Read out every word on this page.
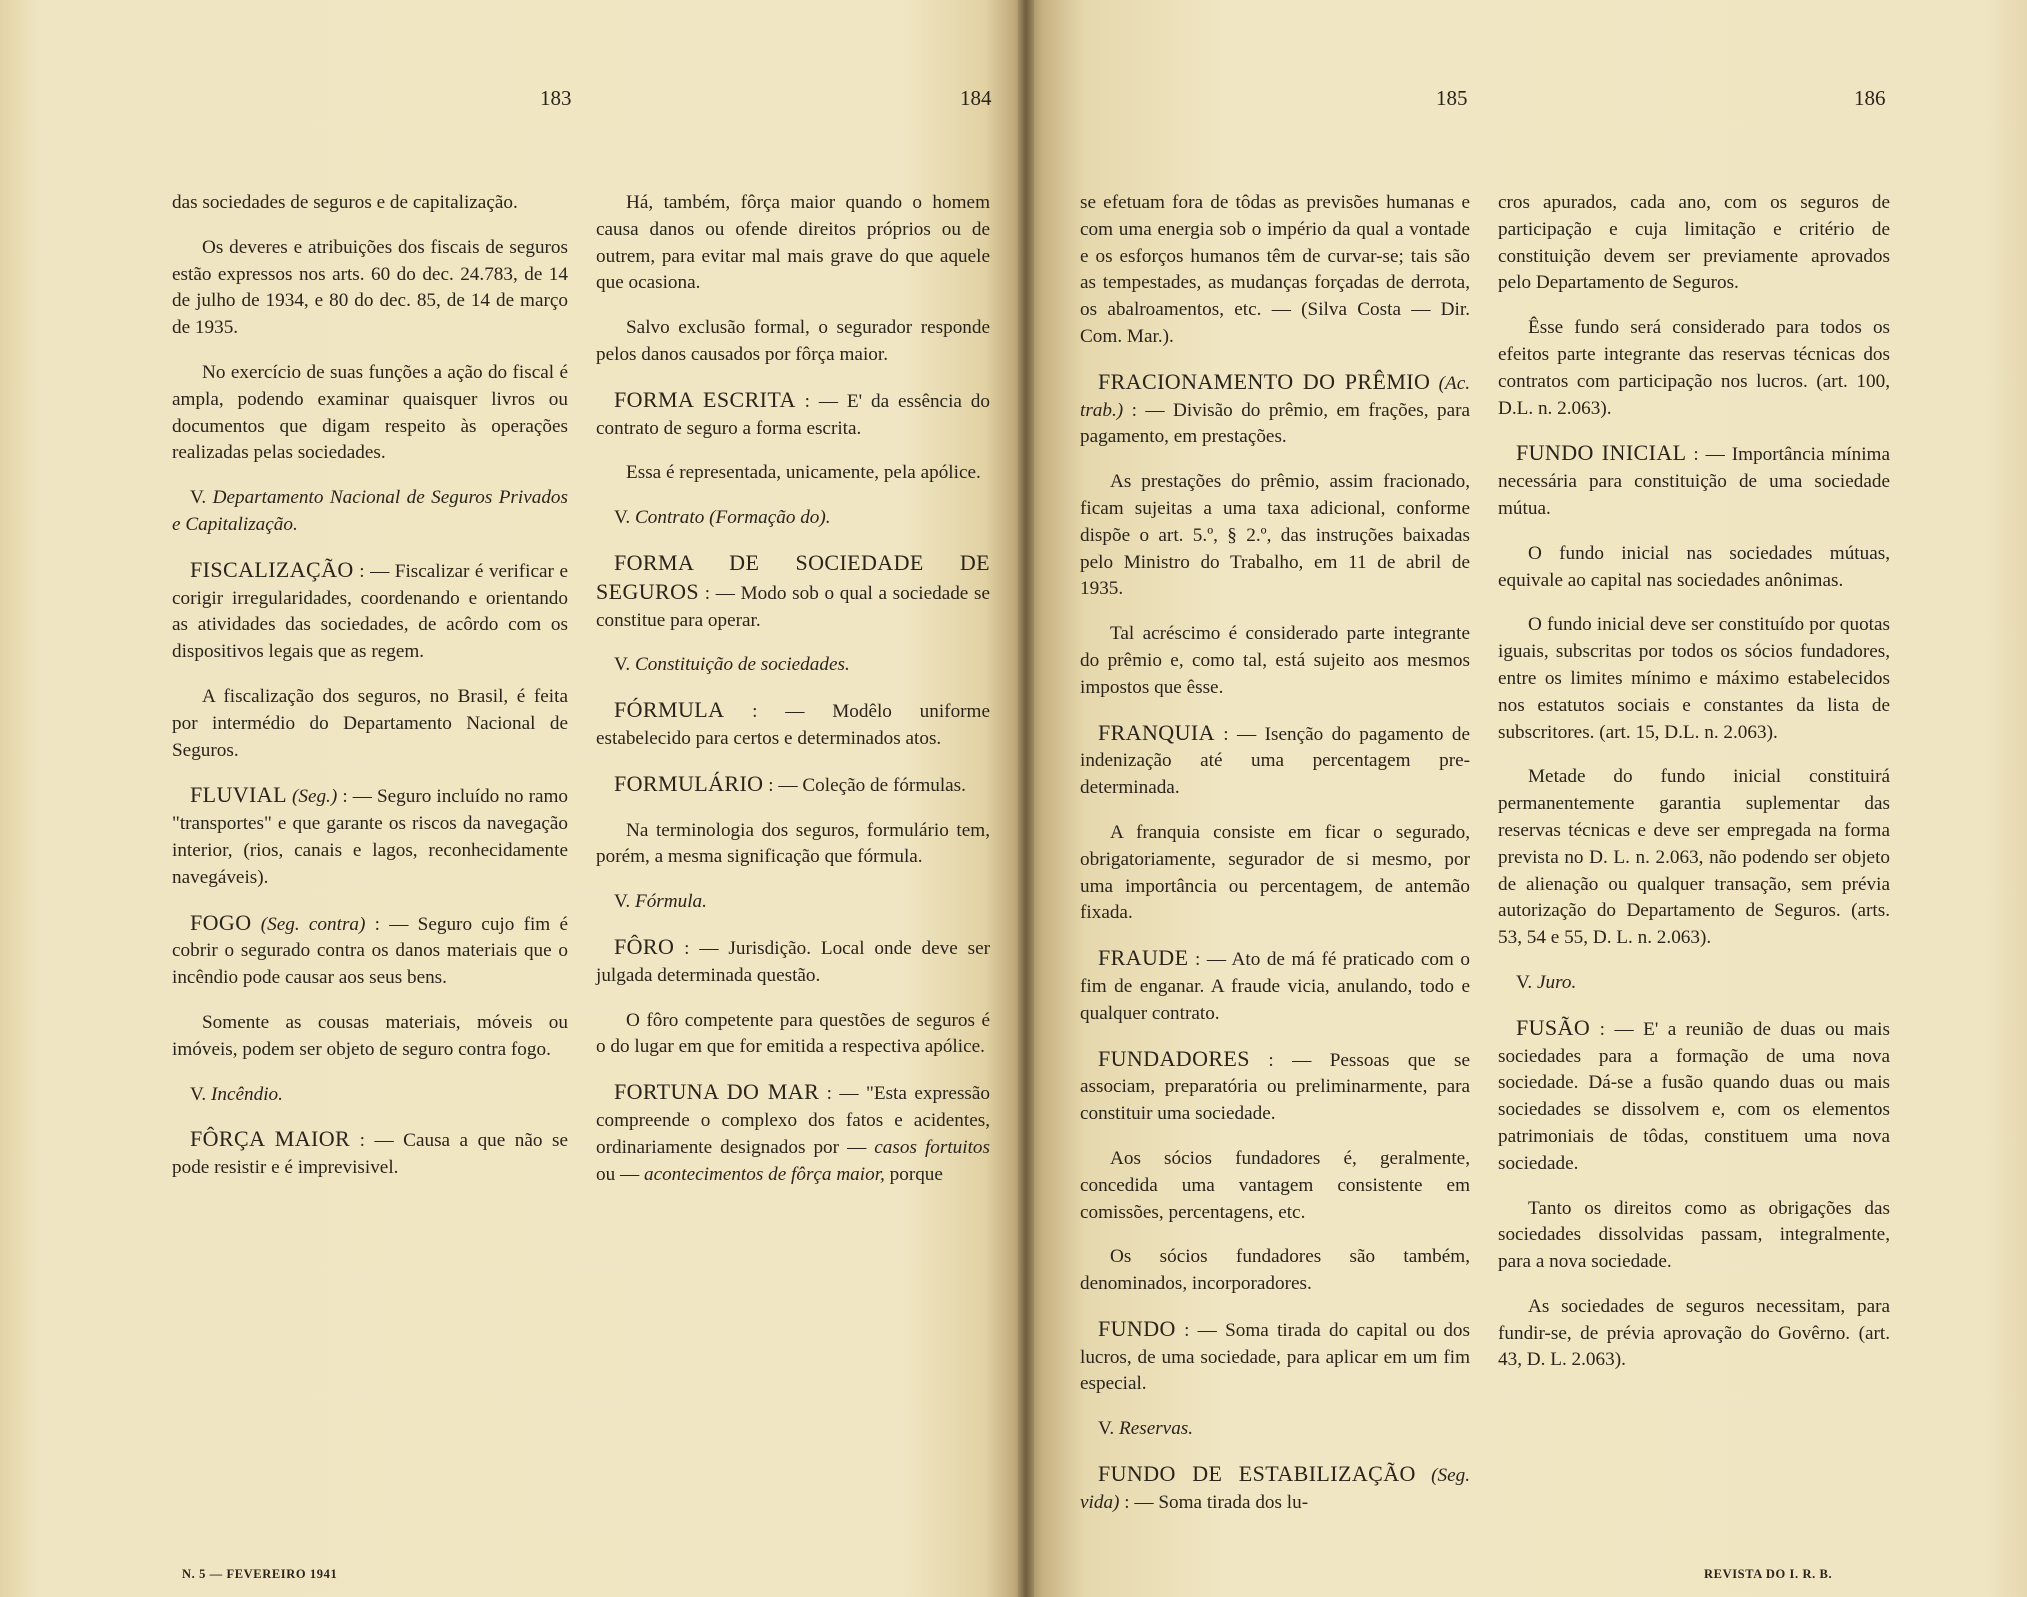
183

das sociedades de seguros e de capitalização.

Os deveres e atribuições dos fiscais de seguros estão expressos nos arts. 60 do dec. 24.783, de 14 de julho de 1934, e 80 do dec. 85, de 14 de março de 1935.

No exercício de suas funções a ação do fiscal é ampla, podendo examinar quaisquer livros ou documentos que digam respeito às operações realizadas pelas sociedades.

V. Departamento Nacional de Seguros Privados e Capitalização.

FISCALIZAÇÃO : — Fiscalizar é verificar e corigir irregularidades, coordenando e orientando as atividades das sociedades, de acôrdo com os dispositivos legais que as regem.

A fiscalização dos seguros, no Brasil, é feita por intermédio do Departamento Nacional de Seguros.

FLUVIAL (Seg.) : — Seguro incluído no ramo "transportes" e que garante os riscos da navegação interior, (rios, canais e lagos, reconhecidamente navegáveis).

FOGO (Seg. contra) : — Seguro cujo fim é cobrir o segurado contra os danos materiais que o incêndio pode causar aos seus bens.

Somente as cousas materiais, móveis ou imóveis, podem ser objeto de seguro contra fogo.

V. Incêndio.

FÔRÇA MAIOR : — Causa a que não se pode resistir e é imprevisivel.

184

Há, também, fôrça maior quando o homem causa danos ou ofende direitos próprios ou de outrem, para evitar mal mais grave do que aquele que ocasiona.

Salvo exclusão formal, o segurador responde pelos danos causados por fôrça maior.

FORMA ESCRITA : — E' da essência do contrato de seguro a forma escrita.

Essa é representada, unicamente, pela apólice.

V. Contrato (Formação do).

FORMA DE SOCIEDADE DE SEGUROS : — Modo sob o qual a sociedade se constitue para operar.

V. Constituição de sociedades.

FÓRMULA : — Modêlo uniforme estabelecido para certos e determinados atos.

FORMULÁRIO : — Coleção de fórmulas.

Na terminologia dos seguros, formulário tem, porém, a mesma significação que fórmula.

V. Fórmula.

FÔRO : — Jurisdição. Local onde deve ser julgada determinada questão.

O fôro competente para questões de seguros é o do lugar em que for emitida a respectiva apólice.

FORTUNA DO MAR : — "Esta expressão compreende o complexo dos fatos e acidentes, ordinariamente designados por — casos fortuitos ou — acontecimentos de fôrça maior, porque

185

se efetuam fora de tôdas as previsões humanas e com uma energia sob o império da qual a vontade e os esforços humanos têm de curvar-se; tais são as tempestades, as mudanças forçadas de derrota, os abalroamentos, etc. — (Silva Costa — Dir. Com. Mar.).

FRACIONAMENTO DO PRÊMIO (Ac. trab.) : — Divisão do prêmio, em frações, para pagamento, em prestações.

As prestações do prêmio, assim fracionado, ficam sujeitas a uma taxa adicional, conforme dispõe o art. 5.º, § 2.º, das instruções baixadas pelo Ministro do Trabalho, em 11 de abril de 1935.

Tal acréscimo é considerado parte integrante do prêmio e, como tal, está sujeito aos mesmos impostos que êsse.

FRANQUIA : — Isenção do pagamento de indenização até uma percentagem pre-determinada.

A franquia consiste em ficar o segurado, obrigatoriamente, segurador de si mesmo, por uma importância ou percentagem, de antemão fixada.

FRAUDE : — Ato de má fé praticado com o fim de enganar. A fraude vicia, anulando, todo e qualquer contrato.

FUNDADORES : — Pessoas que se associam, preparatória ou preliminarmente, para constituir uma sociedade.

Aos sócios fundadores é, geralmente, concedida uma vantagem consistente em comissões, percentagens, etc.

Os sócios fundadores são também, denominados, incorporadores.

FUNDO : — Soma tirada do capital ou dos lucros, de uma sociedade, para aplicar em um fim especial.

V. Reservas.

FUNDO DE ESTABILIZAÇÃO (Seg. vida) : — Soma tirada dos lu-

186

cros apurados, cada ano, com os seguros de participação e cuja limitação e critério de constituição devem ser previamente aprovados pelo Departamento de Seguros.

Êsse fundo será considerado para todos os efeitos parte integrante das reservas técnicas dos contratos com participação nos lucros. (art. 100, D.L. n. 2.063).

FUNDO INICIAL : — Importância mínima necessária para constituição de uma sociedade mútua.

O fundo inicial nas sociedades mútuas, equivale ao capital nas sociedades anônimas.

O fundo inicial deve ser constituído por quotas iguais, subscritas por todos os sócios fundadores, entre os limites mínimo e máximo estabelecidos nos estatutos sociais e constantes da lista de subscritores. (art. 15, D.L. n. 2.063).

Metade do fundo inicial constituirá permanentemente garantia suplementar das reservas técnicas e deve ser empregada na forma prevista no D. L. n. 2.063, não podendo ser objeto de alienação ou qualquer transação, sem prévia autorização do Departamento de Seguros. (arts. 53, 54 e 55, D. L. n. 2.063).

V. Juro.

FUSÃO : — E' a reunião de duas ou mais sociedades para a formação de uma nova sociedade. Dá-se a fusão quando duas ou mais sociedades se dissolvem e, com os elementos patrimoniais de tôdas, constituem uma nova sociedade.

Tanto os direitos como as obrigações das sociedades dissolvidas passam, integralmente, para a nova sociedade.

As sociedades de seguros necessitam, para fundir-se, de prévia aprovação do Govêrno. (art. 43, D. L. 2.063).

N. 5 — FEVEREIRO 1941	REVISTA DO I. R. B.
